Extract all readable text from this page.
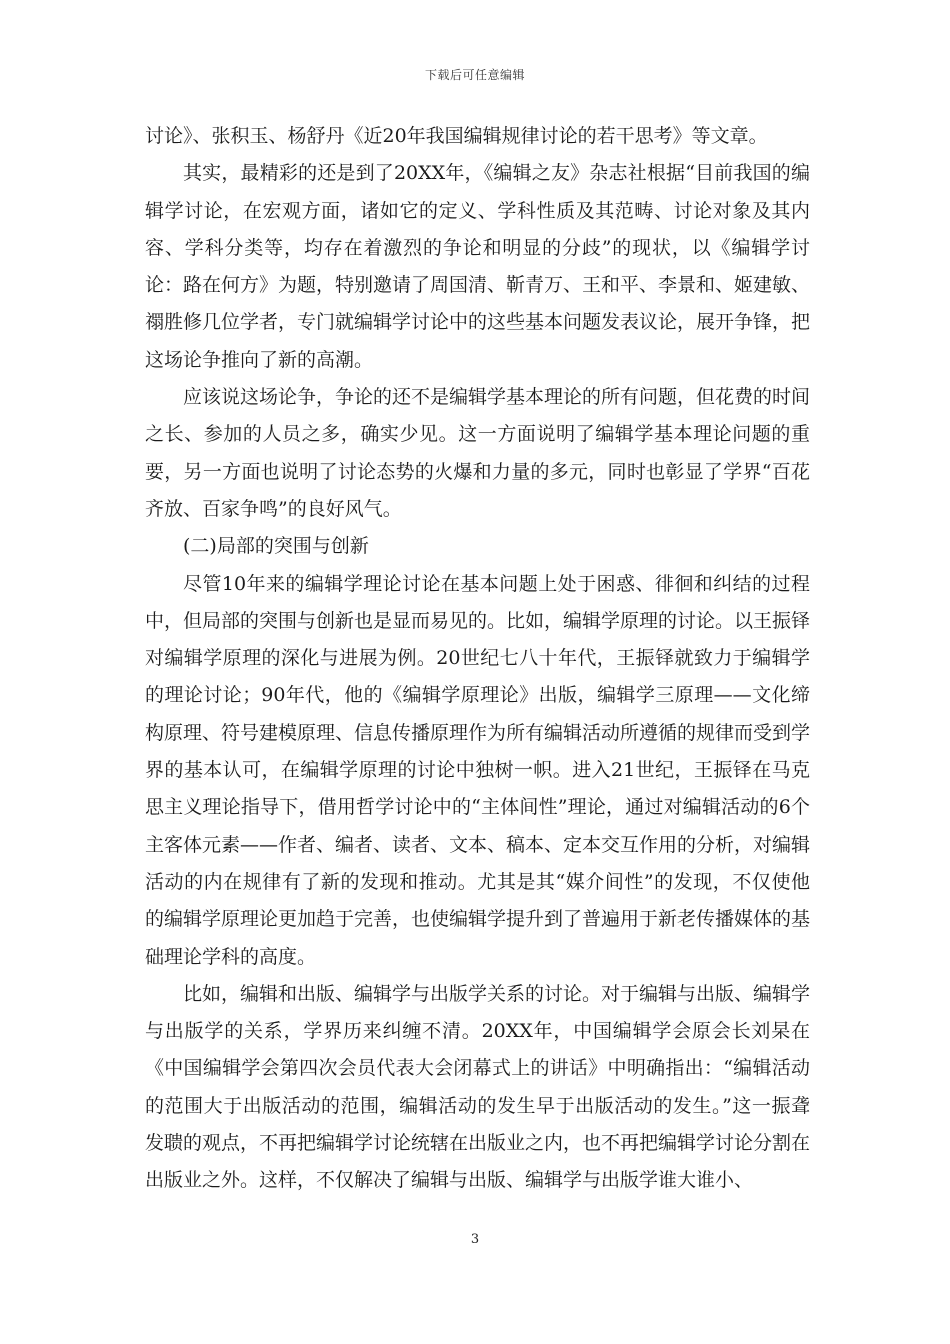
下载后可任意编辑

讨论》、张积玉、杨舒丹《近20年我国编辑规律讨论的若干思考》等文章。

其实，最精彩的还是到了20XX年，《编辑之友》杂志社根据“目前我国的编辑学讨论，在宏观方面，诸如它的定义、学科性质及其范畴、讨论对象及其内容、学科分类等，均存在着激烈的争论和明显的分歧”的现状，以《编辑学讨论：路在何方》为题，特别邀请了周国清、靳青万、王和平、李景和、姬建敏、禤胜修几位学者，专门就编辑学讨论中的这些基本问题发表议论，展开争锋，把这场论争推向了新的高潮。

应该说这场论争，争论的还不是编辑学基本理论的所有问题，但花费的时间之长、参加的人员之多，确实少见。这一方面说明了编辑学基本理论问题的重要，另一方面也说明了讨论态势的火爆和力量的多元，同时也彰显了学界“百花齐放、百家争鸣”的良好风气。

(二)局部的突围与创新

尽管10年来的编辑学理论讨论在基本问题上处于困惑、徘徊和纠结的过程中，但局部的突围与创新也是显而易见的。比如，编辑学原理的讨论。以王振铎对编辑学原理的深化与进展为例。20世纪七八十年代，王振铎就致力于编辑学的理论讨论；90年代，他的《编辑学原理论》出版，编辑学三原理——文化缔构原理、符号建模原理、信息传播原理作为所有编辑活动所遵循的规律而受到学界的基本认可，在编辑学原理的讨论中独树一帜。进入21世纪，王振铎在马克思主义理论指导下，借用哲学讨论中的“主体间性”理论，通过对编辑活动的6个主客体元素——作者、编者、读者、文本、稿本、定本交互作用的分析，对编辑活动的内在规律有了新的发现和推动。尤其是其“媒介间性”的发现，不仅使他的编辑学原理论更加趋于完善，也使编辑学提升到了普遍用于新老传播媒体的基础理论学科的高度。

比如，编辑和出版、编辑学与出版学关系的讨论。对于编辑与出版、编辑学与出版学的关系，学界历来纠缠不清。20XX年，中国编辑学会原会长刘杲在《中国编辑学会第四次会员代表大会闭幕式上的讲话》中明确指出：“编辑活动的范围大于出版活动的范围，编辑活动的发生早于出版活动的发生。”这一振聋发聩的观点，不再把编辑学讨论统辖在出版业之内，也不再把编辑学讨论分割在出版业之外。这样，不仅解决了编辑与出版、编辑学与出版学谁大谁小、

3
